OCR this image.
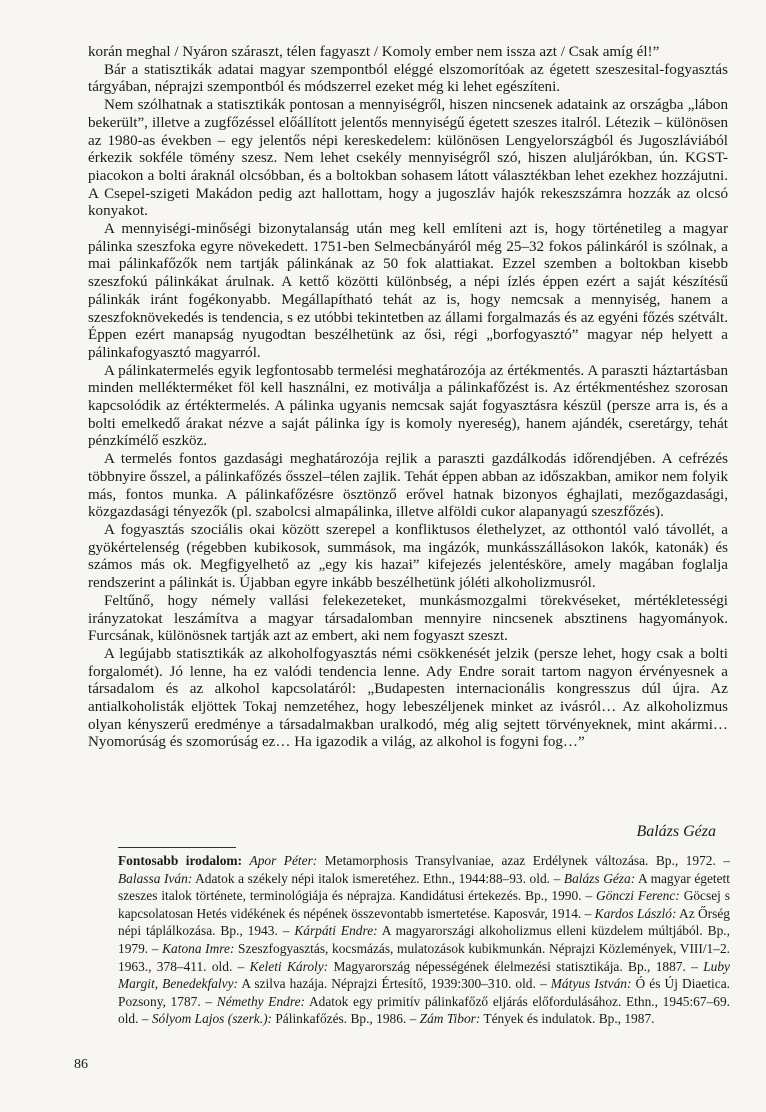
korán meghal / Nyáron száraszt, télen fagyaszt / Komoly ember nem issza azt / Csak amíg él!”

Bár a statisztikák adatai magyar szempontból eléggé elszomorítóak az égetett szeszesital-fogyasztás tárgyában, néprajzi szempontból és módszerrel ezeket még ki lehet egészíteni.

Nem szólhatnak a statisztikák pontosan a mennyiségről, hiszen nincsenek adataink az országba „lábon bekerült”, illetve a zugfőzéssel előállított jelentős mennyiségű égetett szeszes italról. Létezik – különösen az 1980-as években – egy jelentős népi kereskedelem: különösen Lengyelországból és Jugoszláviából érkezik sokféle tömény szesz. Nem lehet csekély mennyiségről szó, hiszen aluljárókban, ún. KGST-piacokon a bolti áraknál olcsóbban, és a boltokban sohasem látott választékban lehet ezekhez hozzájutni. A Csepel-szigeti Makádon pedig azt hallottam, hogy a jugoszláv hajók rekeszszámra hozzák az olcsó konyakot.

A mennyiségi-minőségi bizonytalanság után meg kell említeni azt is, hogy történetileg a magyar pálinka szeszfoka egyre növekedett. 1751-ben Selmecbányáról még 25–32 fokos pálinkáról is szólnak, a mai pálinkafőzők nem tartják pálinkának az 50 fok alattiakat. Ezzel szemben a boltokban kisebb szeszfokú pálinkákat árulnak. A kettő közötti különbség, a népi ízlés éppen ezért a saját készítésű pálinkák iránt fogékonyabb. Megállapítható tehát az is, hogy nemcsak a mennyiség, hanem a szeszfoknövekedés is tendencia, s ez utóbbi tekintetben az állami forgalmazás és az egyéni főzés szétvált. Éppen ezért manapság nyugodtan beszélhetünk az ősi, régi „borfogyasztó” magyar nép helyett a pálinkafogyasztó magyarról.

A pálinkatermelés egyik legfontosabb termelési meghatározója az értékmentés. A paraszti háztartásban minden mellékterméket föl kell használni, ez motiválja a pálinkafőzést is. Az értékmentéshez szorosan kapcsolódik az értéktermelés. A pálinka ugyanis nemcsak saját fogyasztásra készül (persze arra is, és a bolti emelkedő árakat nézve a saját pálinka így is komoly nyereség), hanem ajándék, cseretárgy, tehát pénzkímélő eszköz.

A termelés fontos gazdasági meghatározója rejlik a paraszti gazdálkodás időrendjében. A cefrézés többnyire ősszel, a pálinkafőzés ősszel–télen zajlik. Tehát éppen abban az időszakban, amikor nem folyik más, fontos munka. A pálinkafőzésre ösztönző erővel hatnak bizonyos éghajlati, mezőgazdasági, közgazdasági tényezők (pl. szabolcsi almapálinka, illetve alföldi cukor alapanyagú szeszfőzés).

A fogyasztás szociális okai között szerepel a konfliktusos élethelyzet, az otthontól való távollét, a gyökértelenség (régebben kubikosok, summások, ma ingázók, munkásszállásokon lakók, katonák) és számos más ok. Megfigyelhető az „egy kis hazai” kifejezés jelentésköre, amely magában foglalja rendszerint a pálinkát is. Újabban egyre inkább beszélhetünk jóléti alkoholizmusról.

Feltűnő, hogy némely vallási felekezeteket, munkásmozgalmi törekvéseket, mértékletességi irányzatokat leszámítva a magyar társadalomban mennyire nincsenek absztinens hagyományok. Furcsának, különösnek tartják azt az embert, aki nem fogyaszt szeszt.

A legújabb statisztikák az alkoholfogyasztás némi csökkenését jelzik (persze lehet, hogy csak a bolti forgalomét). Jó lenne, ha ez valódi tendencia lenne. Ady Endre sorait tartom nagyon érvényesnek a társadalom és az alkohol kapcsolatáról: „Budapesten internacionális kongresszus dúl újra. Az antialkoholisták eljöttek Tokaj nemzetéhez, hogy lebeszéljenek minket az ivásról… Az alkoholizmus olyan kényszerű eredménye a társadalmakban uralkodó, még alig sejtett törvényeknek, mint akármi… Nyomorúság és szomorúság ez… Ha igazodik a világ, az alkohol is fogyni fog…”

Balázs Géza
Fontosabb irodalom: Apor Péter: Metamorphosis Transylvaniae, azaz Erdélynek változása. Bp., 1972. – Balassa Iván: Adatok a székely népi italok ismeretéhez. Ethn., 1944:88–93. old. – Balázs Géza: A magyar égetett szeszes italok története, terminológiája és néprajza. Kandidátusi értekezés. Bp., 1990. – Gönczi Ferenc: Göcsej s kapcsolatosan Hetés vidékének és népének összevontabb ismertetése. Kaposvár, 1914. – Kardos László: Az Őrség népi táplálkozása. Bp., 1943. – Kárpáti Endre: A magyarországi alkoholizmus elleni küzdelem múltjából. Bp., 1979. – Katona Imre: Szeszfogyasztás, kocsmázás, mulatozások kubikmunkán. Néprajzi Közlemények, VIII/1–2. 1963., 378–411. old. – Keleti Károly: Magyarország népességének élelmezési statisztikája. Bp., 1887. – Luby Margit, Benedekfalvy: A szilva hazája. Néprajzi Értesítő, 1939:300–310. old. – Mátyus István: Ó és Új Diaetica. Pozsony, 1787. – Némethy Endre: Adatok egy primitív pálinkafőző eljárás előfordulásához. Ethn., 1945:67–69. old. – Sólyom Lajos (szerk.): Pálinkafőzés. Bp., 1986. – Zám Tibor: Tények és indulatok. Bp., 1987.
86
